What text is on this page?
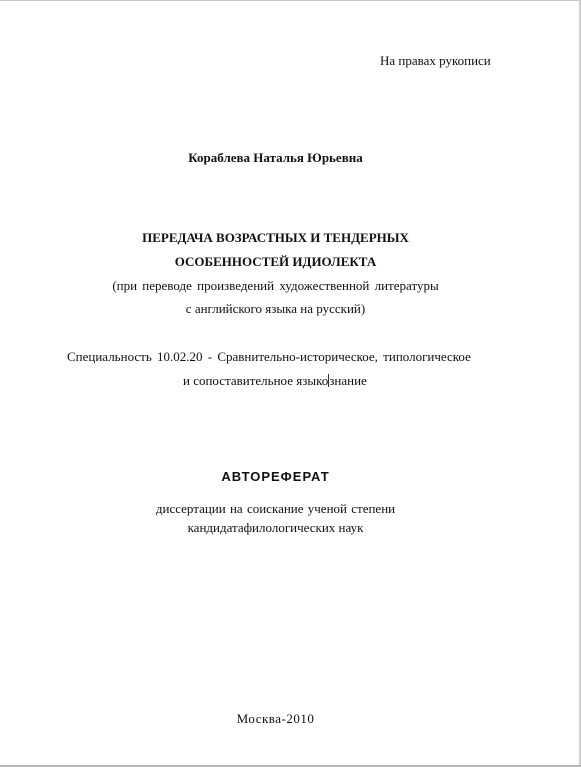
На правах рукописи
Кораблева Наталья Юрьевна
ПЕРЕДАЧА ВОЗРАСТНЫХ И ТЕНДЕРНЫХ
ОСОБЕННОСТЕЙ ИДИОЛЕКТА
(при переводе произведений художественной литературы
с английского языка на русский)
Специальность 10.02.20 - Сравнительно-историческое, типологическое
и сопоставительное языкознание
АВТОРЕФЕРАТ
диссертации на соискание ученой степени
кандидатафилологических наук
Москва-2010
